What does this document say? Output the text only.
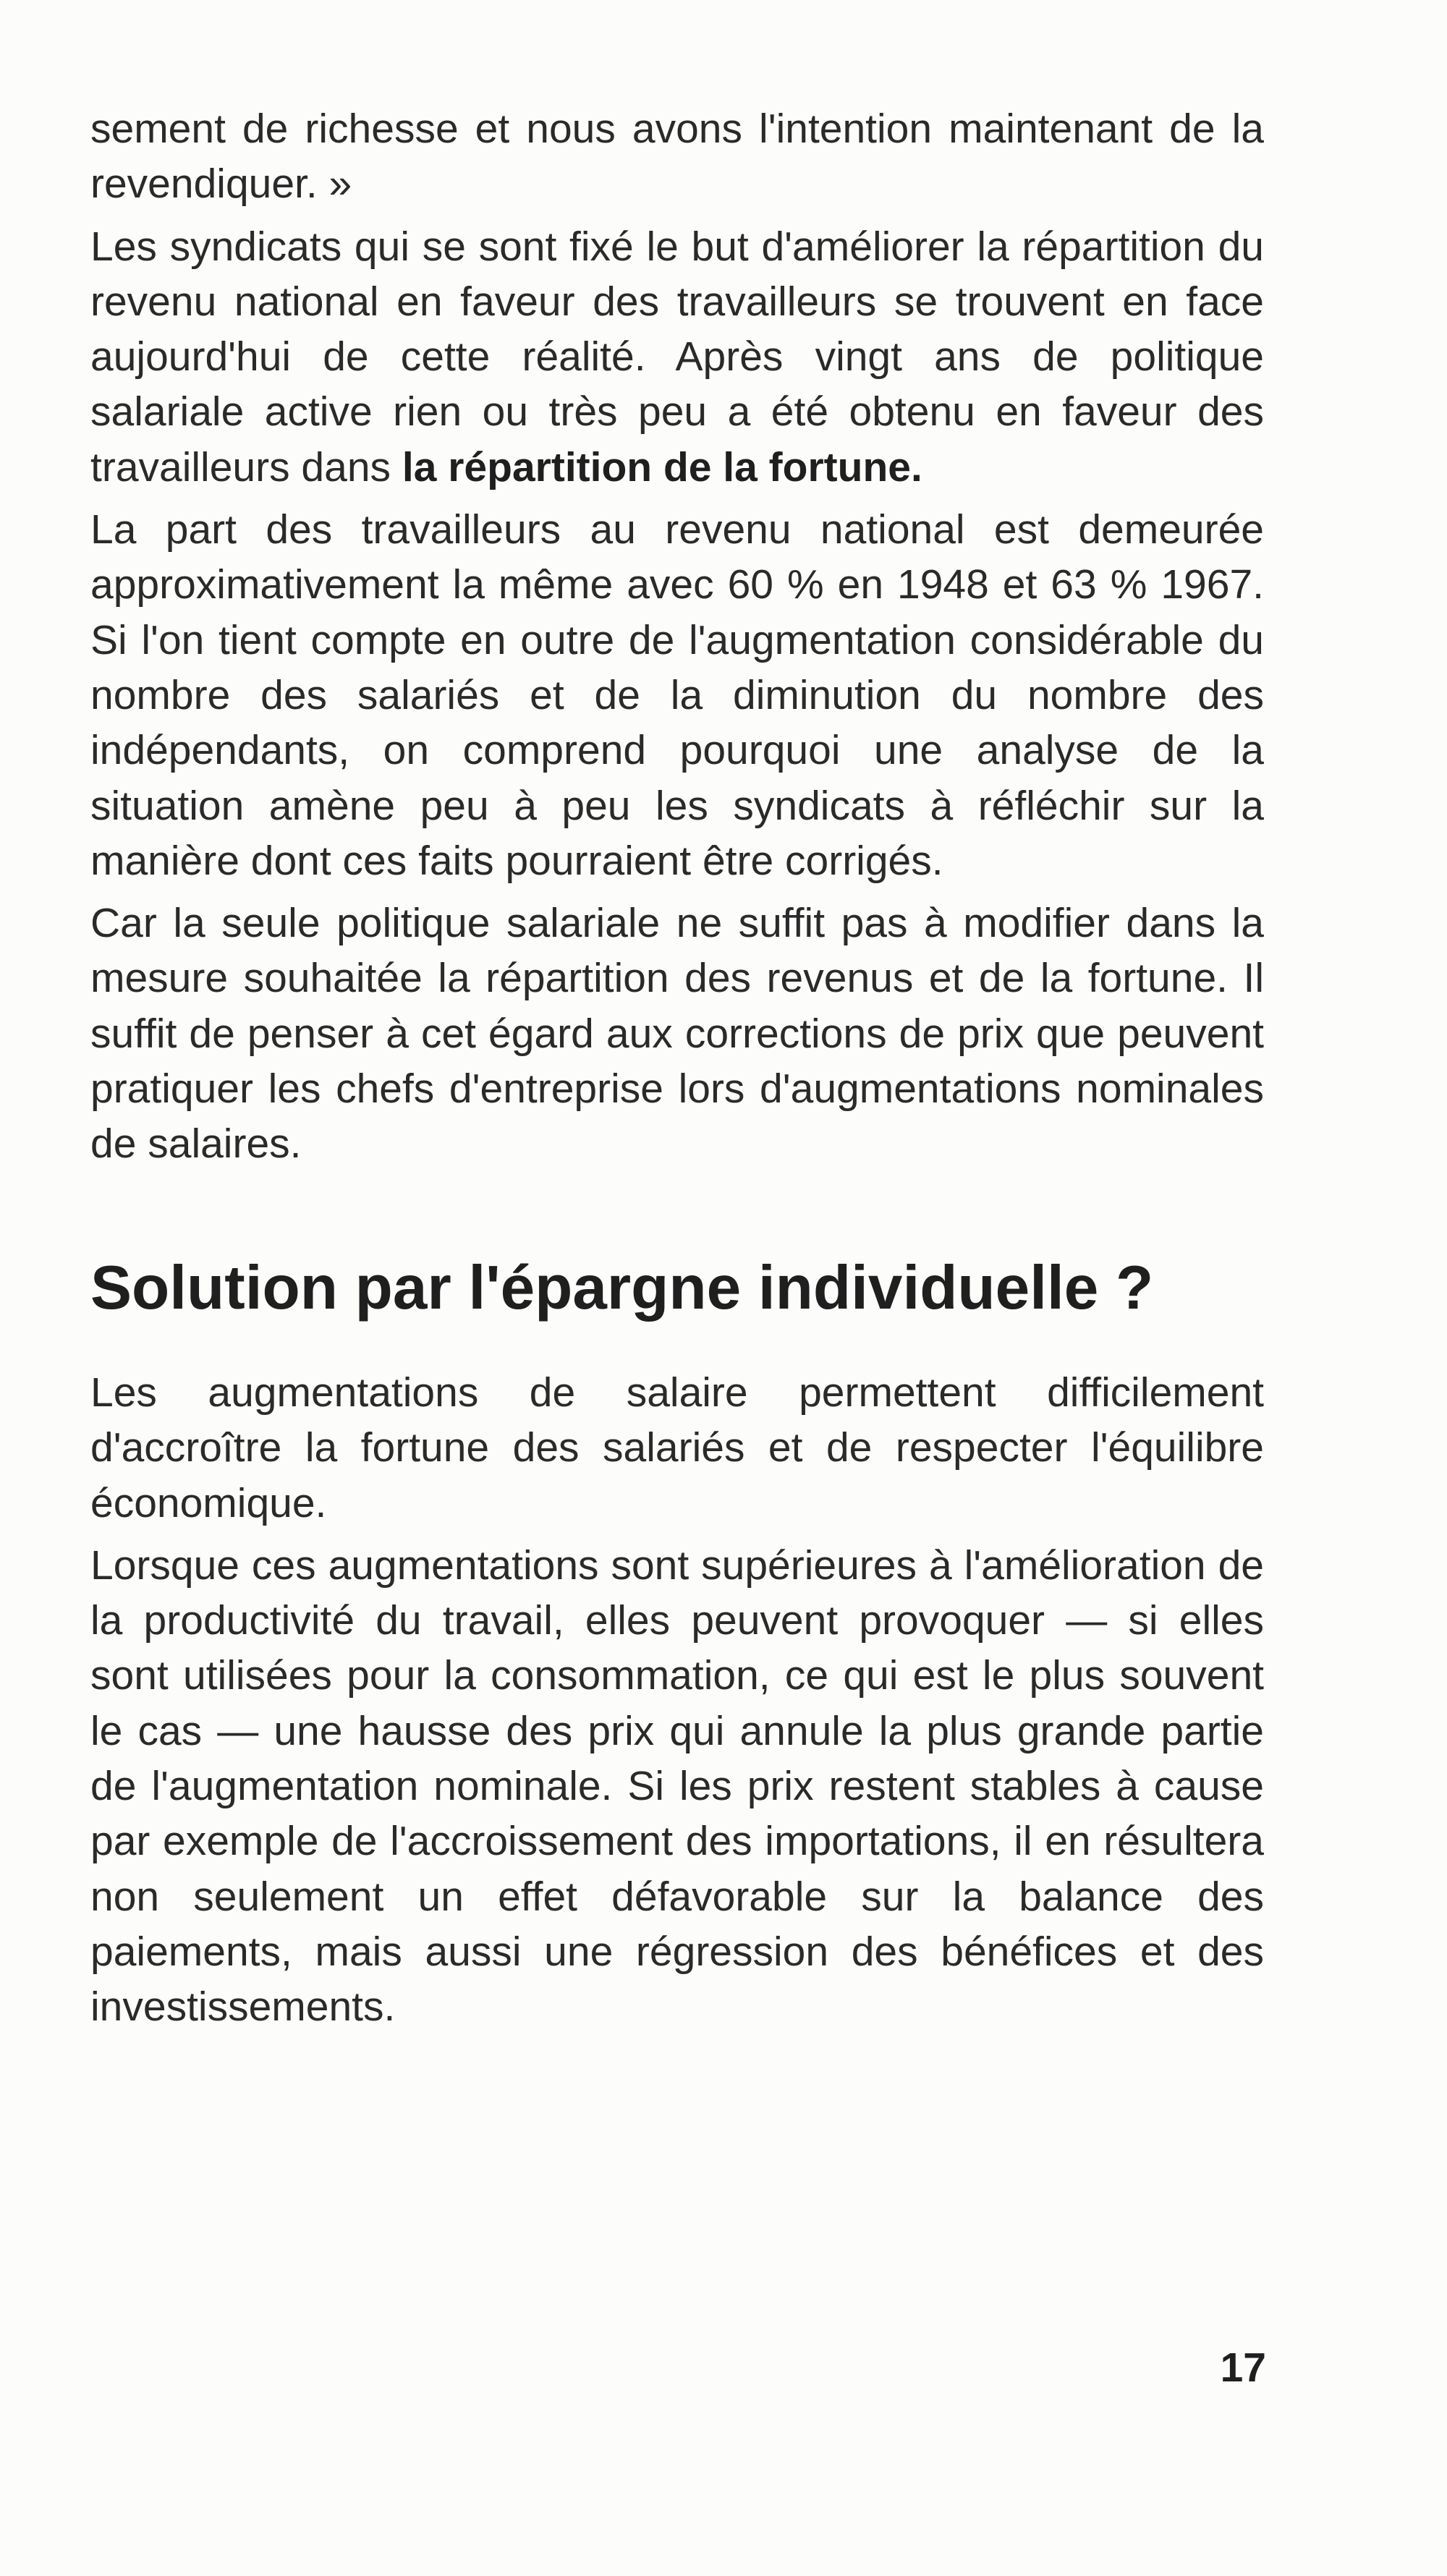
sement de richesse et nous avons l'intention maintenant de la revendiquer. »

Les syndicats qui se sont fixé le but d'améliorer la répartition du revenu national en faveur des travailleurs se trouvent en face aujourd'hui de cette réalité. Après vingt ans de politique salariale active rien ou très peu a été obtenu en faveur des travailleurs dans la répartition de la fortune.

La part des travailleurs au revenu national est demeurée approximativement la même avec 60 % en 1948 et 63 % 1967. Si l'on tient compte en outre de l'augmentation considérable du nombre des salariés et de la diminution du nombre des indépendants, on comprend pourquoi une analyse de la situation amène peu à peu les syndicats à réfléchir sur la manière dont ces faits pourraient être corrigés.

Car la seule politique salariale ne suffit pas à modifier dans la mesure souhaitée la répartition des revenus et de la fortune. Il suffit de penser à cet égard aux corrections de prix que peuvent pratiquer les chefs d'entreprise lors d'augmentations nominales de salaires.

Solution par l'épargne individuelle ?

Les augmentations de salaire permettent difficilement d'accroître la fortune des salariés et de respecter l'équilibre économique.

Lorsque ces augmentations sont supérieures à l'amélioration de la productivité du travail, elles peuvent provoquer — si elles sont utilisées pour la consommation, ce qui est le plus souvent le cas — une hausse des prix qui annule la plus grande partie de l'augmentation nominale. Si les prix restent stables à cause par exemple de l'accroissement des importations, il en résultera non seulement un effet défavorable sur la balance des paiements, mais aussi une régression des bénéfices et des investissements.

17
